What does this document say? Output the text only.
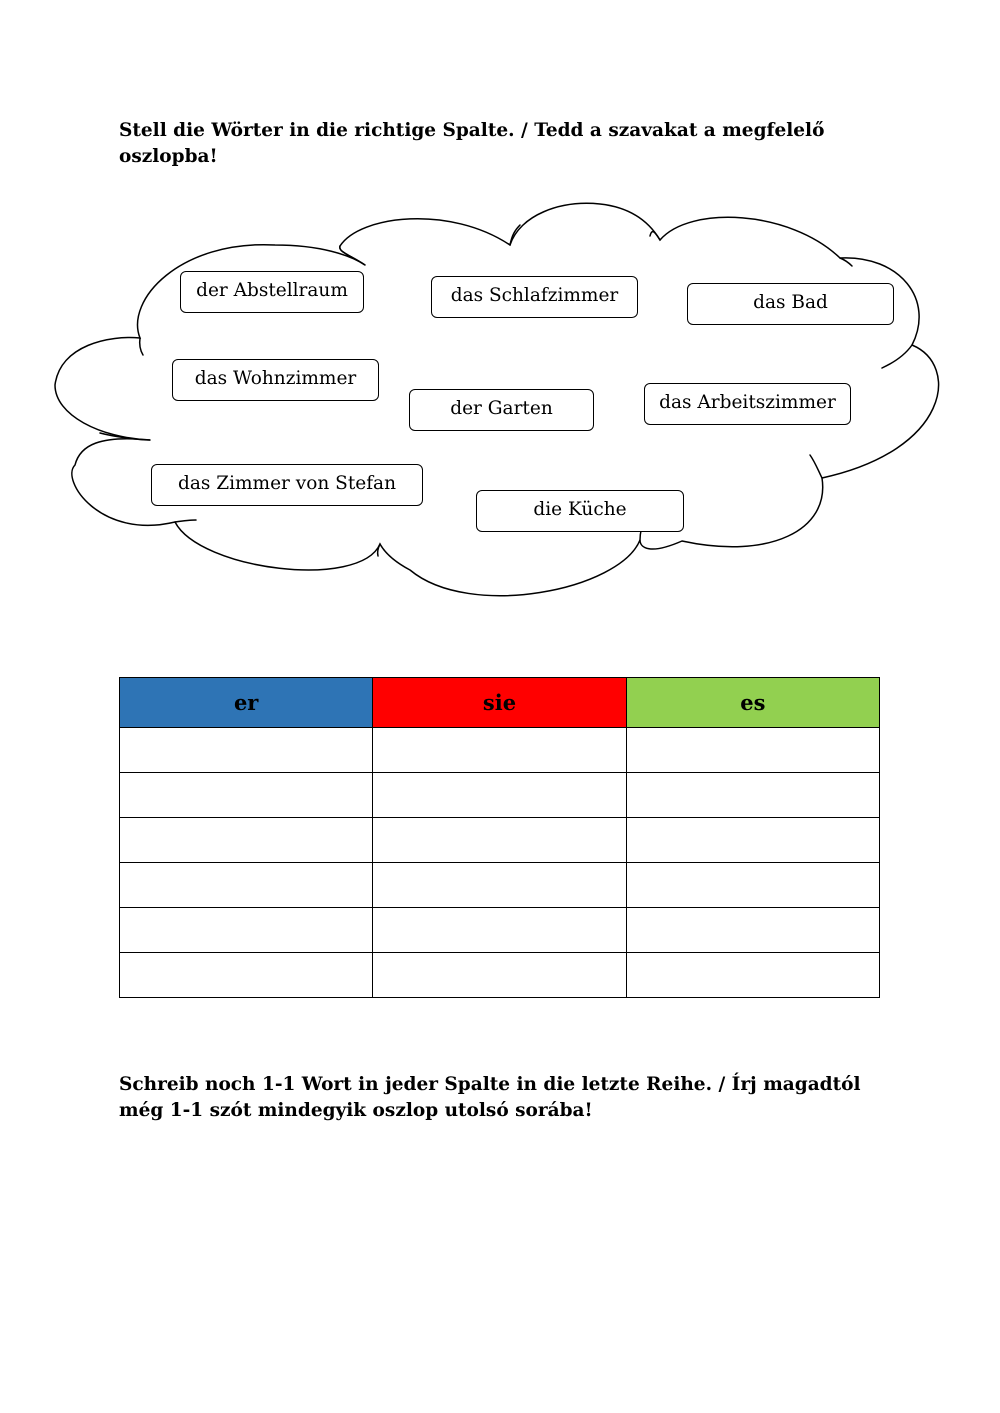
Stell die Wörter in die richtige Spalte. / Tedd a szavakat a megfelelő oszlopba!

der Abstellraum	das Schlafzimmer	das Bad
das Wohnzimmer
der Garten	das Arbeitszimmer
das Zimmer von Stefan
die Küche
er	sie	es

Schreib noch 1-1 Wort in jeder Spalte in die letzte Reihe. / Írj magadtól még 1-1 szót mindegyik oszlop utolsó sorába!
